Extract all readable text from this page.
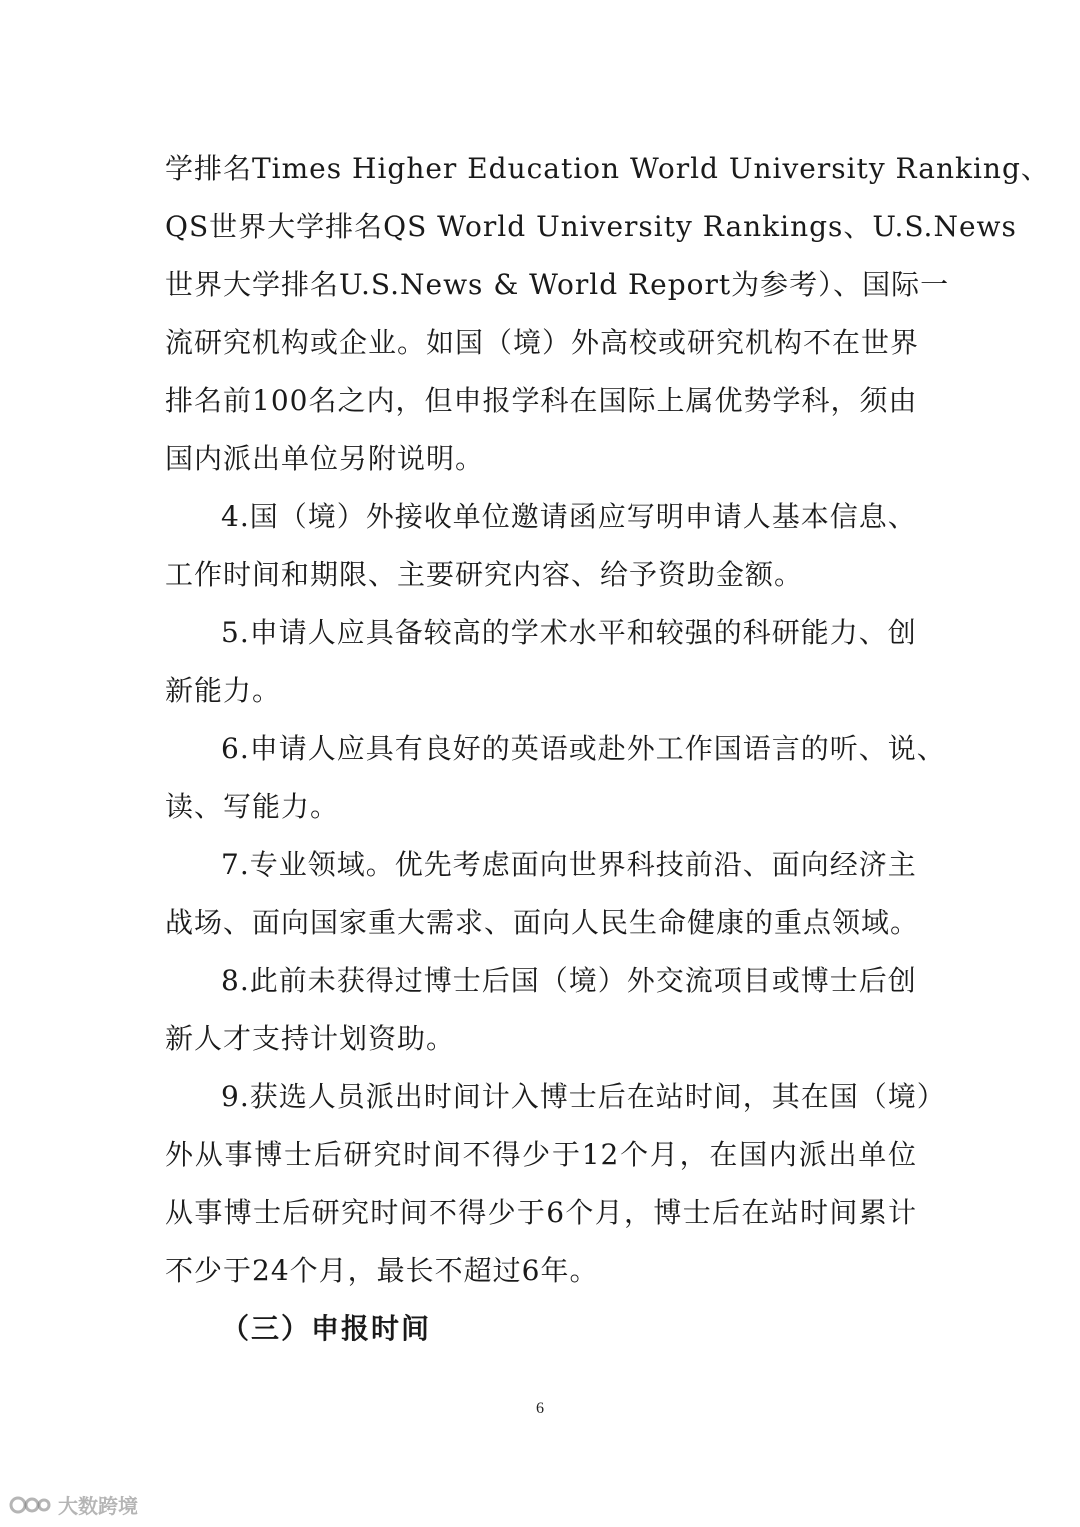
学排名Times Higher Education World University Ranking、
QS世界大学排名QS World University Rankings、U.S.News
世界大学排名U.S.News & World Report为参考）、国际一
流研究机构或企业。如国（境）外高校或研究机构不在世界
排名前100名之内，但申报学科在国际上属优势学科，须由
国内派出单位另附说明。
4.国（境）外接收单位邀请函应写明申请人基本信息、
工作时间和期限、主要研究内容、给予资助金额。
5.申请人应具备较高的学术水平和较强的科研能力、创
新能力。
6.申请人应具有良好的英语或赴外工作国语言的听、说、
读、写能力。
7.专业领域。优先考虑面向世界科技前沿、面向经济主
战场、面向国家重大需求、面向人民生命健康的重点领域。
8.此前未获得过博士后国（境）外交流项目或博士后创
新人才支持计划资助。
9.获选人员派出时间计入博士后在站时间，其在国（境）
外从事博士后研究时间不得少于12个月，在国内派出单位
从事博士后研究时间不得少于6个月，博士后在站时间累计
不少于24个月，最长不超过6年。
（三）申报时间
6
大数跨境
